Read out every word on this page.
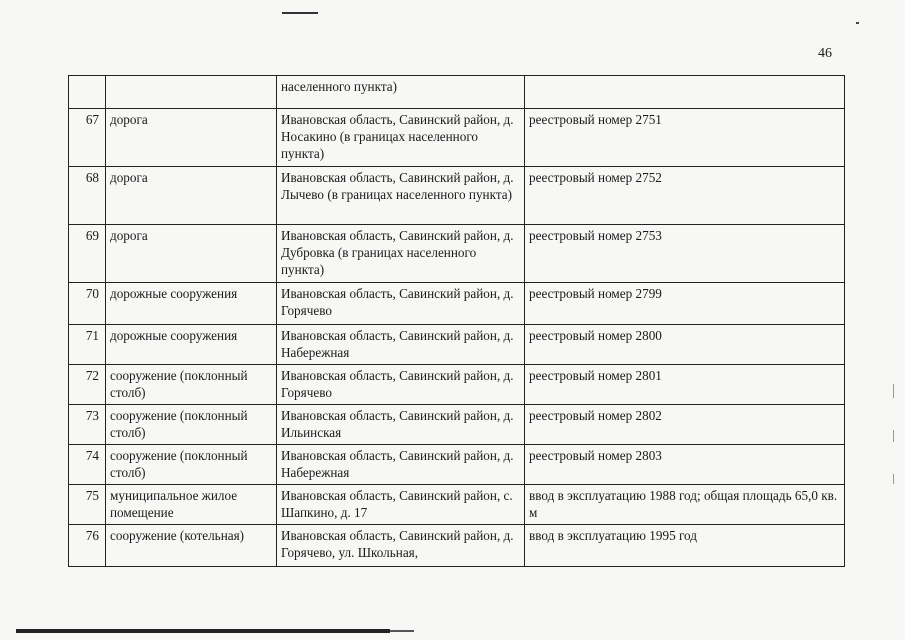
46
		населенного пункта)	
67	дорога	Ивановская область, Савинский район, д. Носакино (в границах населенного пункта)	реестровый номер 2751
68	дорога	Ивановская область, Савинский район, д. Лычево (в границах населенного пункта)	реестровый номер 2752
69	дорога	Ивановская область, Савинский район, д. Дубровка (в границах населенного пункта)	реестровый номер 2753
70	дорожные сооружения	Ивановская область, Савинский район, д. Горячево	реестровый номер 2799
71	дорожные сооружения	Ивановская область, Савинский район, д. Набережная	реестровый номер 2800
72	сооружение (поклонный столб)	Ивановская область, Савинский район, д. Горячево	реестровый номер 2801
73	сооружение (поклонный столб)	Ивановская область, Савинский район, д. Ильинская	реестровый номер 2802
74	сооружение (поклонный столб)	Ивановская область, Савинский район, д. Набережная	реестровый номер 2803
75	муниципальное жилое помещение	Ивановская область, Савинский район, с. Шапкино, д. 17	ввод в эксплуатацию 1988 год; общая площадь 65,0 кв. м
76	сооружение (котельная)	Ивановская область, Савинский район, д. Горячево, ул. Школьная,	ввод в эксплуатацию 1995 год
